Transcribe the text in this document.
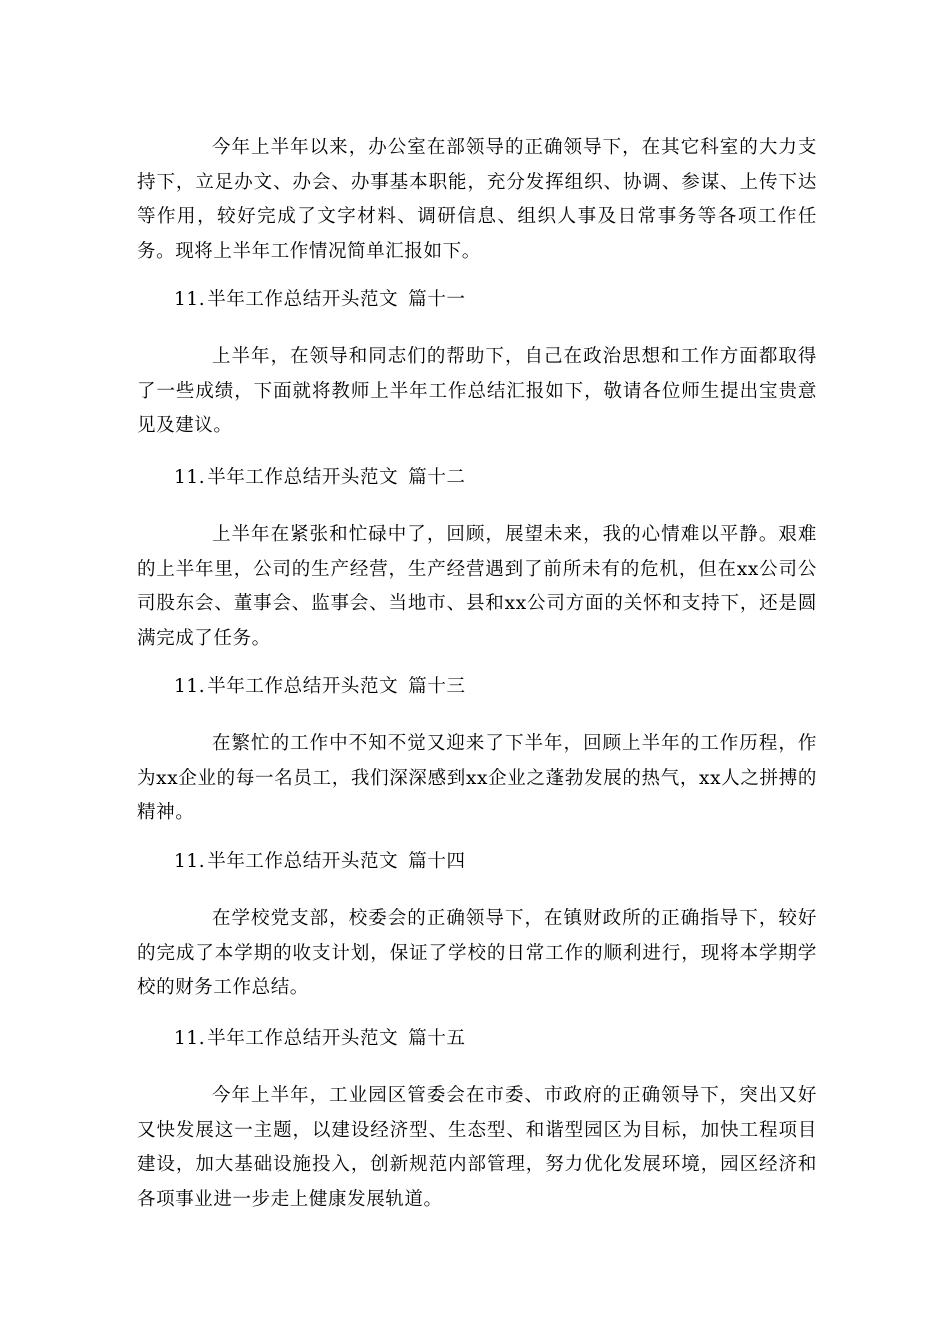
今年上半年以来，办公室在部领导的正确领导下，在其它科室的大力支持下，立足办文、办会、办事基本职能，充分发挥组织、协调、参谋、上传下达等作用，较好完成了文字材料、调研信息、组织人事及日常事务等各项工作任务。现将上半年工作情况简单汇报如下。

11. 半年工作总结开头范文 篇十一

上半年，在领导和同志们的帮助下，自己在政治思想和工作方面都取得了一些成绩，下面就将教师上半年工作总结汇报如下，敬请各位师生提出宝贵意见及建议。

11. 半年工作总结开头范文 篇十二

上半年在紧张和忙碌中了，回顾，展望未来，我的心情难以平静。艰难的上半年里，公司的生产经营，生产经营遇到了前所未有的危机，但在xx公司公司股东会、董事会、监事会、当地市、县和xx公司方面的关怀和支持下，还是圆满完成了任务。

11. 半年工作总结开头范文 篇十三

在繁忙的工作中不知不觉又迎来了下半年，回顾上半年的工作历程，作为xx企业的每一名员工，我们深深感到xx企业之蓬勃发展的热气，xx人之拼搏的精神。

11. 半年工作总结开头范文 篇十四

在学校党支部，校委会的正确领导下，在镇财政所的正确指导下，较好的完成了本学期的收支计划，保证了学校的日常工作的顺利进行，现将本学期学校的财务工作总结。

11. 半年工作总结开头范文 篇十五

今年上半年，工业园区管委会在市委、市政府的正确领导下，突出又好又快发展这一主题，以建设经济型、生态型、和谐型园区为目标，加快工程项目建设，加大基础设施投入，创新规范内部管理，努力优化发展环境，园区经济和各项事业进一步走上健康发展轨道。
